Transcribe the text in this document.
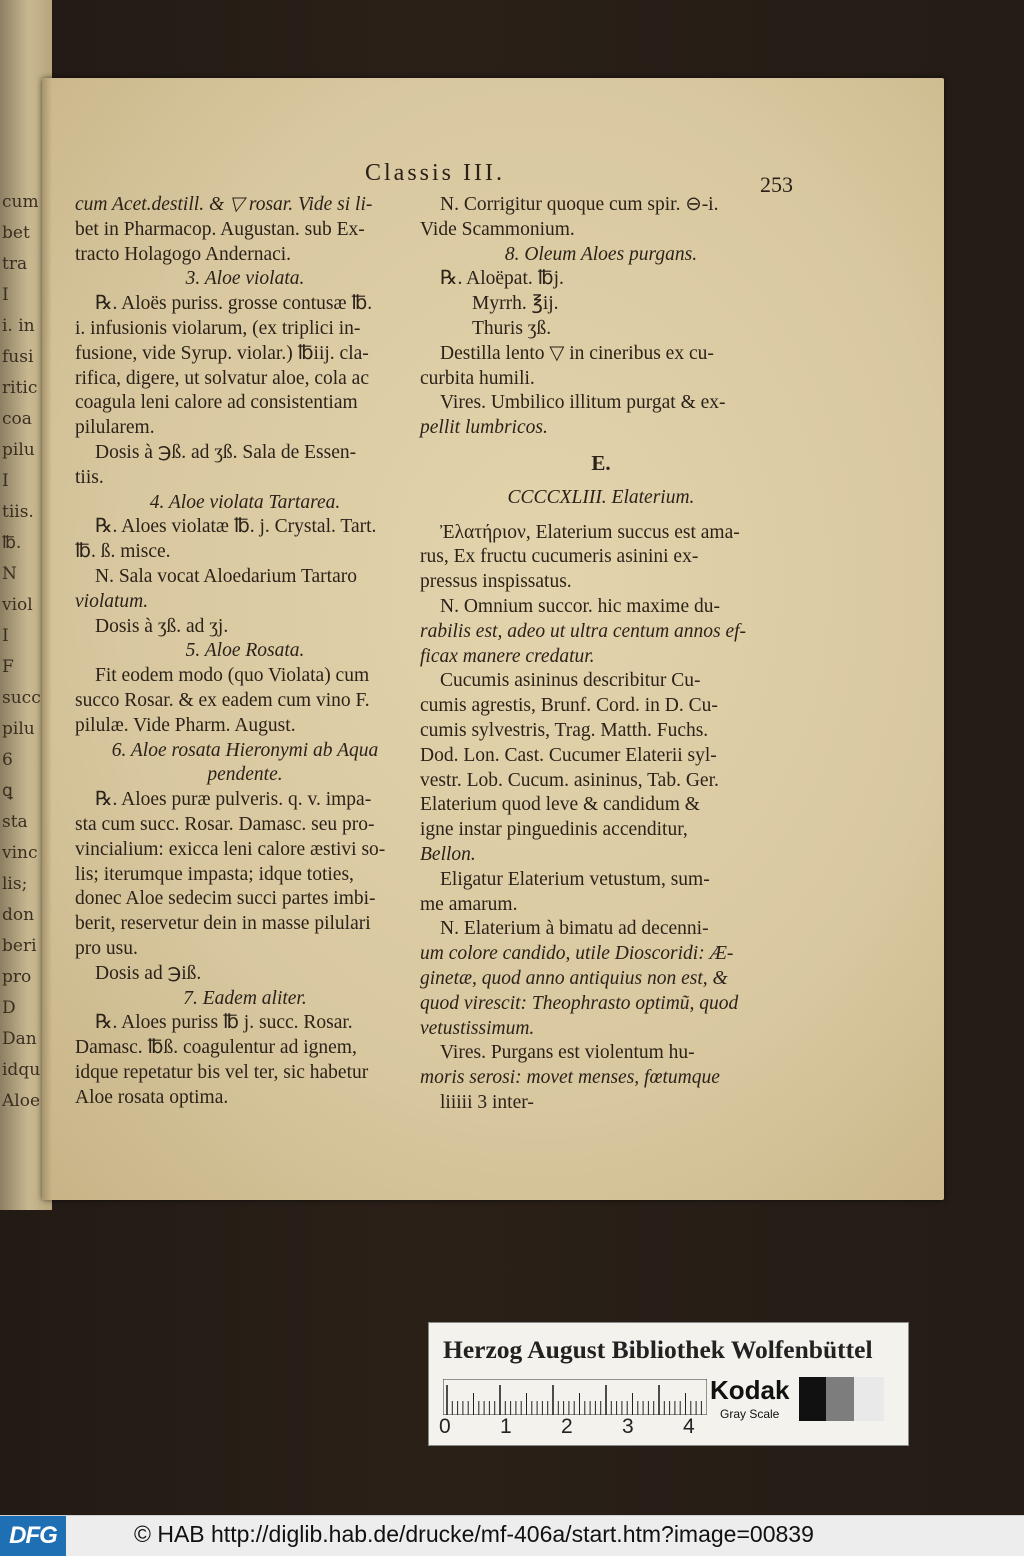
cum
bet
tra
I
i. in
fusi
ritic
coa
pilu
I
tiis.
℔.
N
viol
I
F
succ
pilu
6
ꝗ
sta
vinc
lis;
don
beri
pro
D
Dan
idqu
Aloe
Classis III.	253
cum Acet.destill. & ▽ rosar. Vide si li-
bet in Pharmacop. Augustan. sub Ex-
tracto Holagogo Andernaci.
3. Aloe violata.
℞. Aloës puriss. grosse contusæ ℔.
i. infusionis violarum, (ex triplici in-
fusione, vide Syrup. violar.) ℔iij. cla-
rifica, digere, ut solvatur aloe, cola ac
coagula leni calore ad consistentiam
pilularem.
Dosis à ℈ß. ad ʒß. Sala de Essen-
tiis.
4. Aloe violata Tartarea.
℞. Aloes violatæ ℔. j. Crystal. Tart.
℔. ß. misce.
N. Sala vocat Aloedarium Tartaro
violatum.
Dosis à ʒß. ad ʒj.
5. Aloe Rosata.
Fit eodem modo (quo Violata) cum
succo Rosar. & ex eadem cum vino F.
pilulæ. Vide Pharm. August.
6. Aloe rosata Hieronymi ab Aqua
pendente.
℞. Aloes puræ pulveris. q. v. impa-
sta cum succ. Rosar. Damasc. seu pro-
vincialium: exicca leni calore æstivi so-
lis; iterumque impasta; idque toties,
donec Aloe sedecim succi partes imbi-
berit, reservetur dein in masse pilulari
pro usu.
Dosis ad ℈iß.
7. Eadem aliter.
℞. Aloes puriss ℔ j. succ. Rosar.
Damasc. ℔ß. coagulentur ad ignem,
idque repetatur bis vel ter, sic habetur
Aloe rosata optima.
N. Corrigitur quoque cum spir. ⊖-i.
Vide Scammonium.
8. Oleum Aloes purgans.
℞. Aloëpat. ℔j.
Myrrh. ℥ij.
Thuris ʒß.
Destilla lento ▽ in cineribus ex cu-
curbita humili.
Vires. Umbilico illitum purgat & ex-
pellit lumbricos.
E.
CCCCXLIII. Elaterium.
Ἐλατήριον, Elaterium succus est ama-
rus, Ex fructu cucumeris asinini ex-
pressus inspissatus.
N. Omnium succor. hic maxime du-
rabilis est, adeo ut ultra centum annos ef-
ficax manere credatur.
Cucumis asininus describitur Cu-
cumis agrestis, Brunf. Cord. in D. Cu-
cumis sylvestris, Trag. Matth. Fuchs.
Dod. Lon. Cast. Cucumer Elaterii syl-
vestr. Lob. Cucum. asininus, Tab. Ger.
Elaterium quod leve & candidum &
igne instar pinguedinis accenditur,
Bellon.
Eligatur Elaterium vetustum, sum-
me amarum.
N. Elaterium à bimatu ad decenni-
um colore candido, utile Dioscoridi: Æ-
ginetæ, quod anno antiquius non est, &
quod virescit: Theophrasto optimũ, quod
vetustissimum.
Vires. Purgans est violentum hu-
moris serosi: movet menses, fœtumque
liiiii 3 inter-
Herzog August Bibliothek Wolfenbüttel
0 1 2 3 4
Kodak
Gray Scale
DFG	© HAB http://diglib.hab.de/drucke/mf-406a/start.htm?image=00839
